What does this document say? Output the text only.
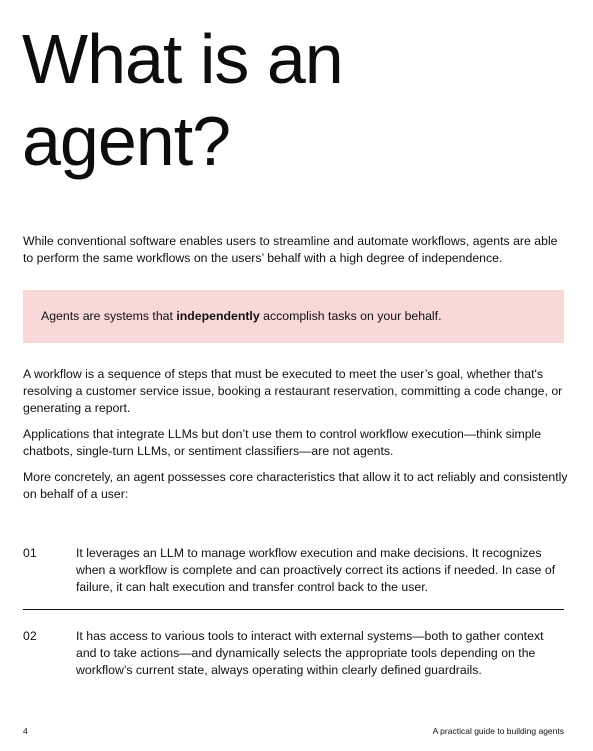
What is an
agent?

While conventional software enables users to streamline and automate workflows, agents are able to perform the same workflows on the users’ behalf with a high degree of independence.

Agents are systems that independently accomplish tasks on your behalf.

A workflow is a sequence of steps that must be executed to meet the user’s goal, whether that's resolving a customer service issue, booking a restaurant reservation, committing a code change, or generating a report.

Applications that integrate LLMs but don’t use them to control workflow execution—think simple chatbots, single-turn LLMs, or sentiment classifiers—are not agents.

More concretely, an agent possesses core characteristics that allow it to act reliably and consistently on behalf of a user:

01	It leverages an LLM to manage workflow execution and make decisions. It recognizes when a workflow is complete and can proactively correct its actions if needed. In case of failure, it can halt execution and transfer control back to the user.

02	It has access to various tools to interact with external systems—both to gather context and to take actions—and dynamically selects the appropriate tools depending on the workflow’s current state, always operating within clearly defined guardrails.

4	A practical guide to building agents
